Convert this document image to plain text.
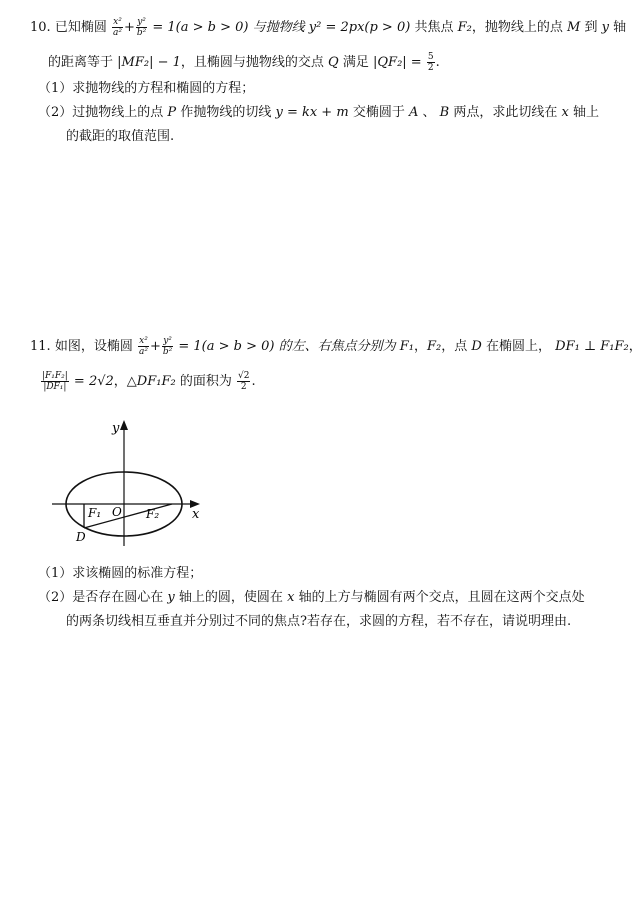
10. 已知椭圆 $\frac{\text{x²}}{\text{a²}} + \frac{\text{y²}}{\text{b²}} = 1(a > b > 0)$ 与抛物线 y² = 2px(p > 0) 共焦点 F₂，抛物线上的点 M 到 y 轴
的距离等于 |MF₂| − 1，且椭圆与抛物线的交点 Q 满足 $|QF_2| = \frac{5}{2}$ .
（1）求抛物线的方程和椭圆的方程；
（2）过抛物线上的点 P 作抛物线的切线 y = kx + m 交椭圆于 A 、 B 两点，求此切线在 x 轴上
的截距的取值范围.
11. 如图，设椭圆 $\frac{\text{x²}}{\text{a²}} + \frac{\text{y²}}{\text{b²}} = 1(a > b > 0)$ 的左、右焦点分别为 F₁，F₂，点 D 在椭圆上， DF₁ ⊥ F₁F₂，
$\frac{\text{|F₁F₂|}}{\text{|DF₁|}} = 2√2$，△DF₁F₂ 的面积为 $\frac{√2}{2}$ .
y
x
O
F₁	F₂
D
（1）求该椭圆的标准方程；
（2）是否存在圆心在 y 轴上的圆，使圆在 x 轴的上方与椭圆有两个交点，且圆在这两个交点处
的两条切线相互垂直并分别过不同的焦点?若存在，求圆的方程，若不存在，请说明理由.
